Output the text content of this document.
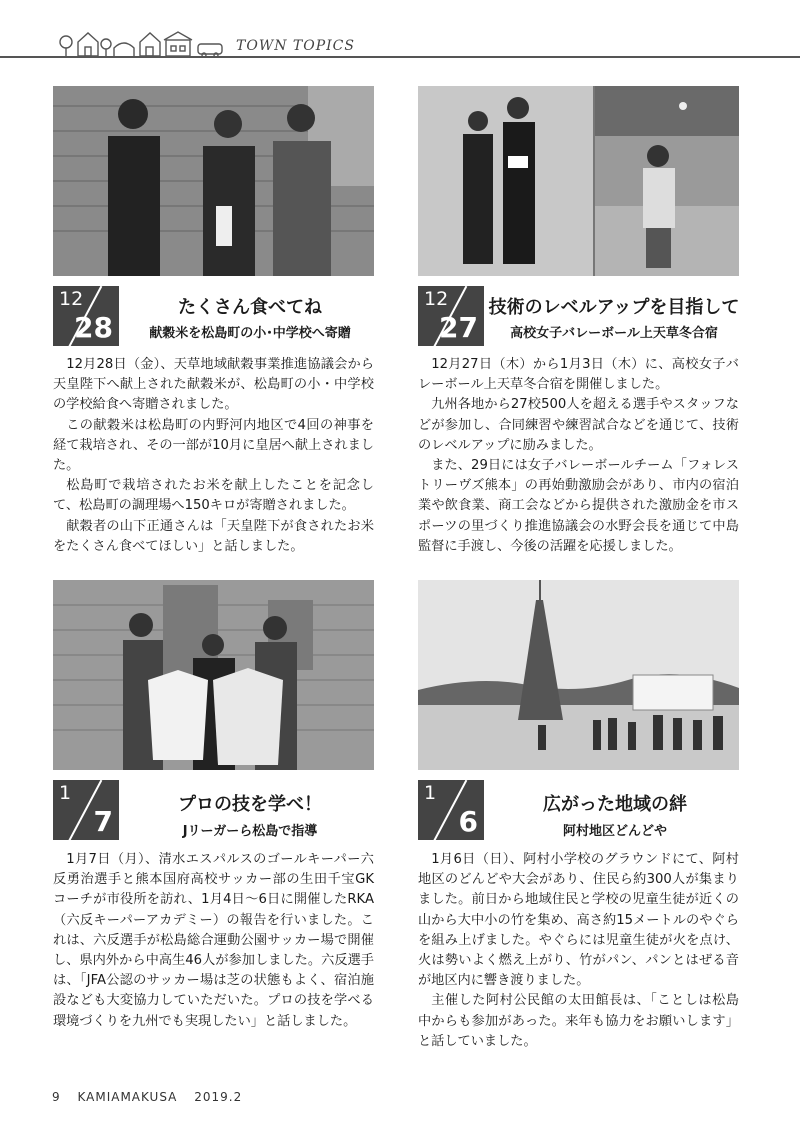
TOWN TOPICS
12
28
たくさん食べてね
献穀米を松島町の小･中学校へ寄贈

12月28日（金）、天草地域献穀事業推進協議会から天皇陛下へ献上された献穀米が、松島町の小・中学校の学校給食へ寄贈されました。

この献穀米は松島町の内野河内地区で4回の神事を経て栽培され、その一部が10月に皇居へ献上されました。

松島町で栽培されたお米を献上したことを記念して、松島町の調理場へ150キロが寄贈されました。

献穀者の山下正通さんは「天皇陛下が食されたお米をたくさん食べてほしい」と話しました。

12
27
技術のレベルアップを目指して
高校女子バレーボール上天草冬合宿

12月27日（木）から1月3日（木）に、高校女子バレーボール上天草冬合宿を開催しました。

九州各地から27校500人を超える選手やスタッフなどが参加し、合同練習や練習試合などを通じて、技術のレベルアップに励みました。

また、29日には女子バレーボールチーム「フォレストリーヴズ熊本」の再始動激励会があり、市内の宿泊業や飲食業、商工会などから提供された激励金を市スポーツの里づくり推進協議会の水野会長を通じて中島監督に手渡し、今後の活躍を応援しました。

1
7
プロの技を学べ！
Jリーガーら松島で指導

1月7日（月）、清水エスパルスのゴールキーパー六反勇治選手と熊本国府高校サッカー部の生田千宝GKコーチが市役所を訪れ、1月4日〜6日に開催したRKA（六反キーパーアカデミー）の報告を行いました。これは、六反選手が松島総合運動公園サッカー場で開催し、県内外から中高生46人が参加しました。六反選手は、「JFA公認のサッカー場は芝の状態もよく、宿泊施設なども大変協力していただいた。プロの技を学べる環境づくりを九州でも実現したい」と話しました。

1
6
広がった地域の絆
阿村地区どんどや

1月6日（日）、阿村小学校のグラウンドにて、阿村地区のどんどや大会があり、住民ら約300人が集まりました。前日から地域住民と学校の児童生徒が近くの山から大中小の竹を集め、高さ約15メートルのやぐらを組み上げました。やぐらには児童生徒が火を点け、火は勢いよく燃え上がり、竹がパン、パンとはぜる音が地区内に響き渡りました。

主催した阿村公民館の太田館長は、「ことしは松島中からも参加があった。来年も協力をお願いします」と話していました。

9 KAMIAMAKUSA 2019.2
